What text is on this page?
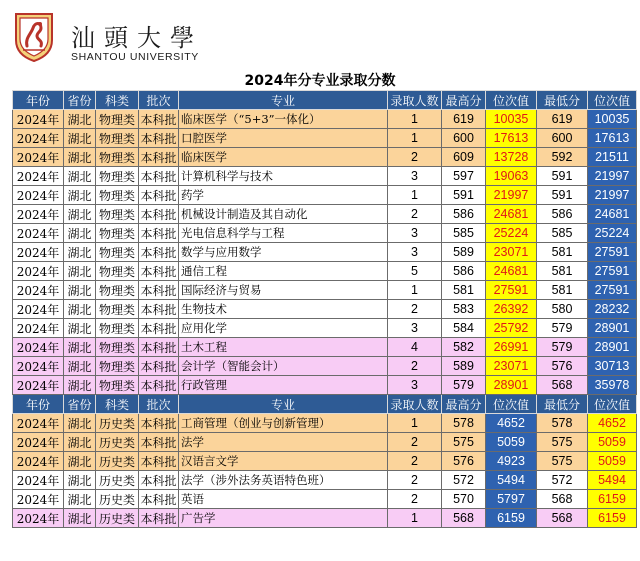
汕頭大學
SHANTOU UNIVERSITY
2024年分专业录取分数
年份	省份	科类	批次	专业	录取人数	最高分	位次值	最低分	位次值
2024年	湖北	物理类	本科批	临床医学（“5+3”一体化）	1	619	10035	619	10035
2024年	湖北	物理类	本科批	口腔医学	1	600	17613	600	17613
2024年	湖北	物理类	本科批	临床医学	2	609	13728	592	21511
2024年	湖北	物理类	本科批	计算机科学与技术	3	597	19063	591	21997
2024年	湖北	物理类	本科批	药学	1	591	21997	591	21997
2024年	湖北	物理类	本科批	机械设计制造及其自动化	2	586	24681	586	24681
2024年	湖北	物理类	本科批	光电信息科学与工程	3	585	25224	585	25224
2024年	湖北	物理类	本科批	数学与应用数学	3	589	23071	581	27591
2024年	湖北	物理类	本科批	通信工程	5	586	24681	581	27591
2024年	湖北	物理类	本科批	国际经济与贸易	1	581	27591	581	27591
2024年	湖北	物理类	本科批	生物技术	2	583	26392	580	28232
2024年	湖北	物理类	本科批	应用化学	3	584	25792	579	28901
2024年	湖北	物理类	本科批	土木工程	4	582	26991	579	28901
2024年	湖北	物理类	本科批	会计学（智能会计）	2	589	23071	576	30713
2024年	湖北	物理类	本科批	行政管理	3	579	28901	568	35978
年份	省份	科类	批次	专业	录取人数	最高分	位次值	最低分	位次值
2024年	湖北	历史类	本科批	工商管理（创业与创新管理）	1	578	4652	578	4652
2024年	湖北	历史类	本科批	法学	2	575	5059	575	5059
2024年	湖北	历史类	本科批	汉语言文学	2	576	4923	575	5059
2024年	湖北	历史类	本科批	法学（涉外法务英语特色班）	2	572	5494	572	5494
2024年	湖北	历史类	本科批	英语	2	570	5797	568	6159
2024年	湖北	历史类	本科批	广告学	1	568	6159	568	6159
